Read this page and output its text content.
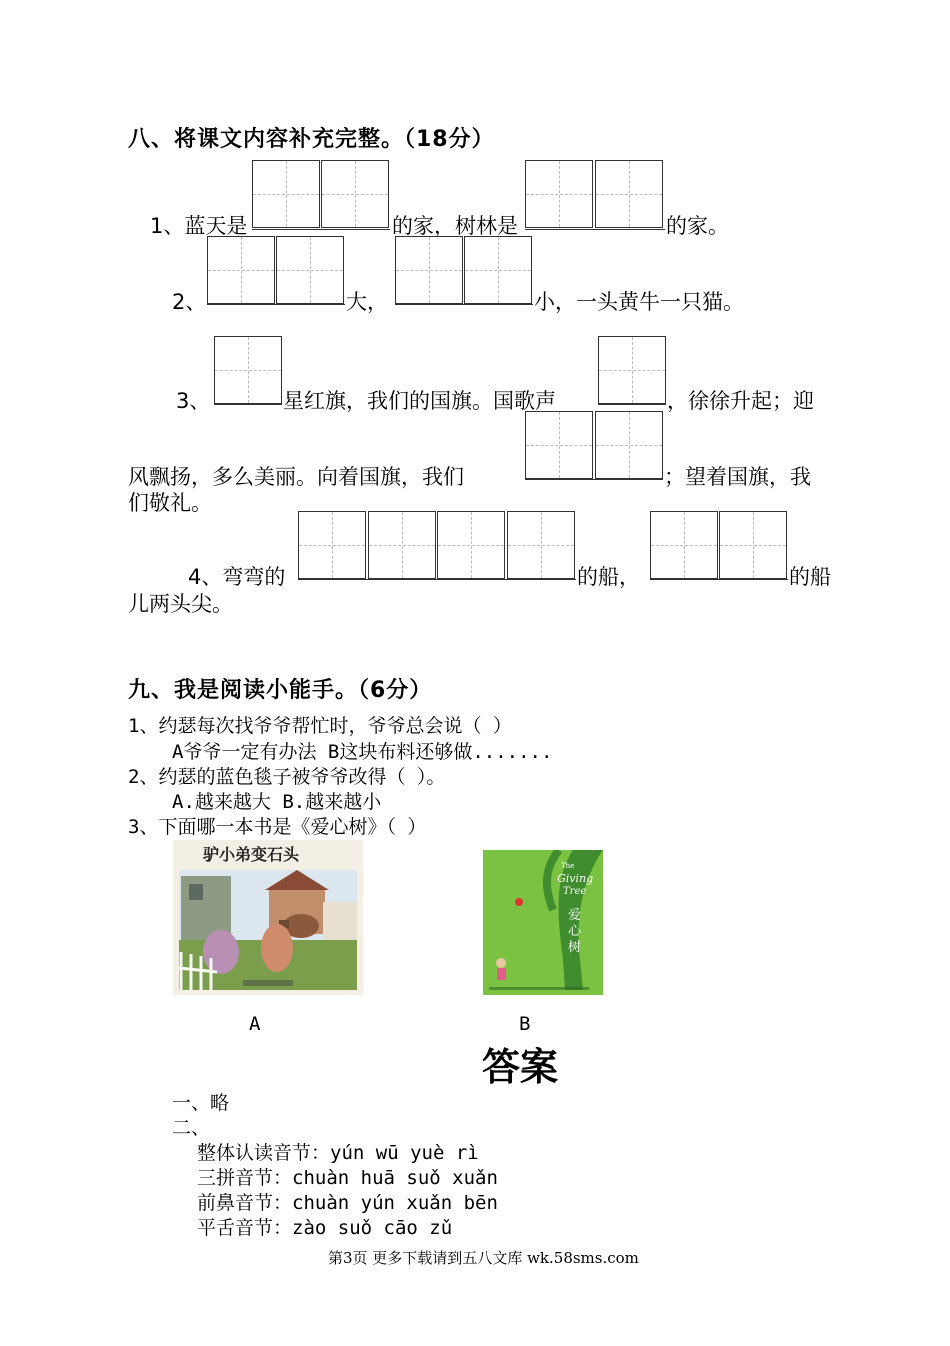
八、将课文内容补充完整。（18分）
1、蓝天是	的家，树林是	的家。
2、	大，	小，一头黄牛一只猫。
3、	星红旗，我们的国旗。国歌声	，徐徐升起；迎
风飘扬，多么美丽。向着国旗，我们	；望着国旗，我
们敬礼。
4、弯弯的	的船，	的船
儿两头尖。
九、我是阅读小能手。（6分）
1、约瑟每次找爷爷帮忙时，爷爷总会说（ ）
A爷爷一定有办法 B这块布料还够做.......
2、约瑟的蓝色毯子被爷爷改得（ ）。
A.越来越大 B.越来越小
3、下面哪一本书是《爱心树》（ ）
驴小弟变石头
The
Giving
Tree
爱心树
A	B
答案
一、略
二、
整体认读音节：yún wū yuè rì
三拼音节：chuàn huā suǒ xuǎn
前鼻音节：chuàn yún xuǎn bēn
平舌音节：zào suǒ cāo zǔ
第3页 更多下载请到五八文库 wk.58sms.com
